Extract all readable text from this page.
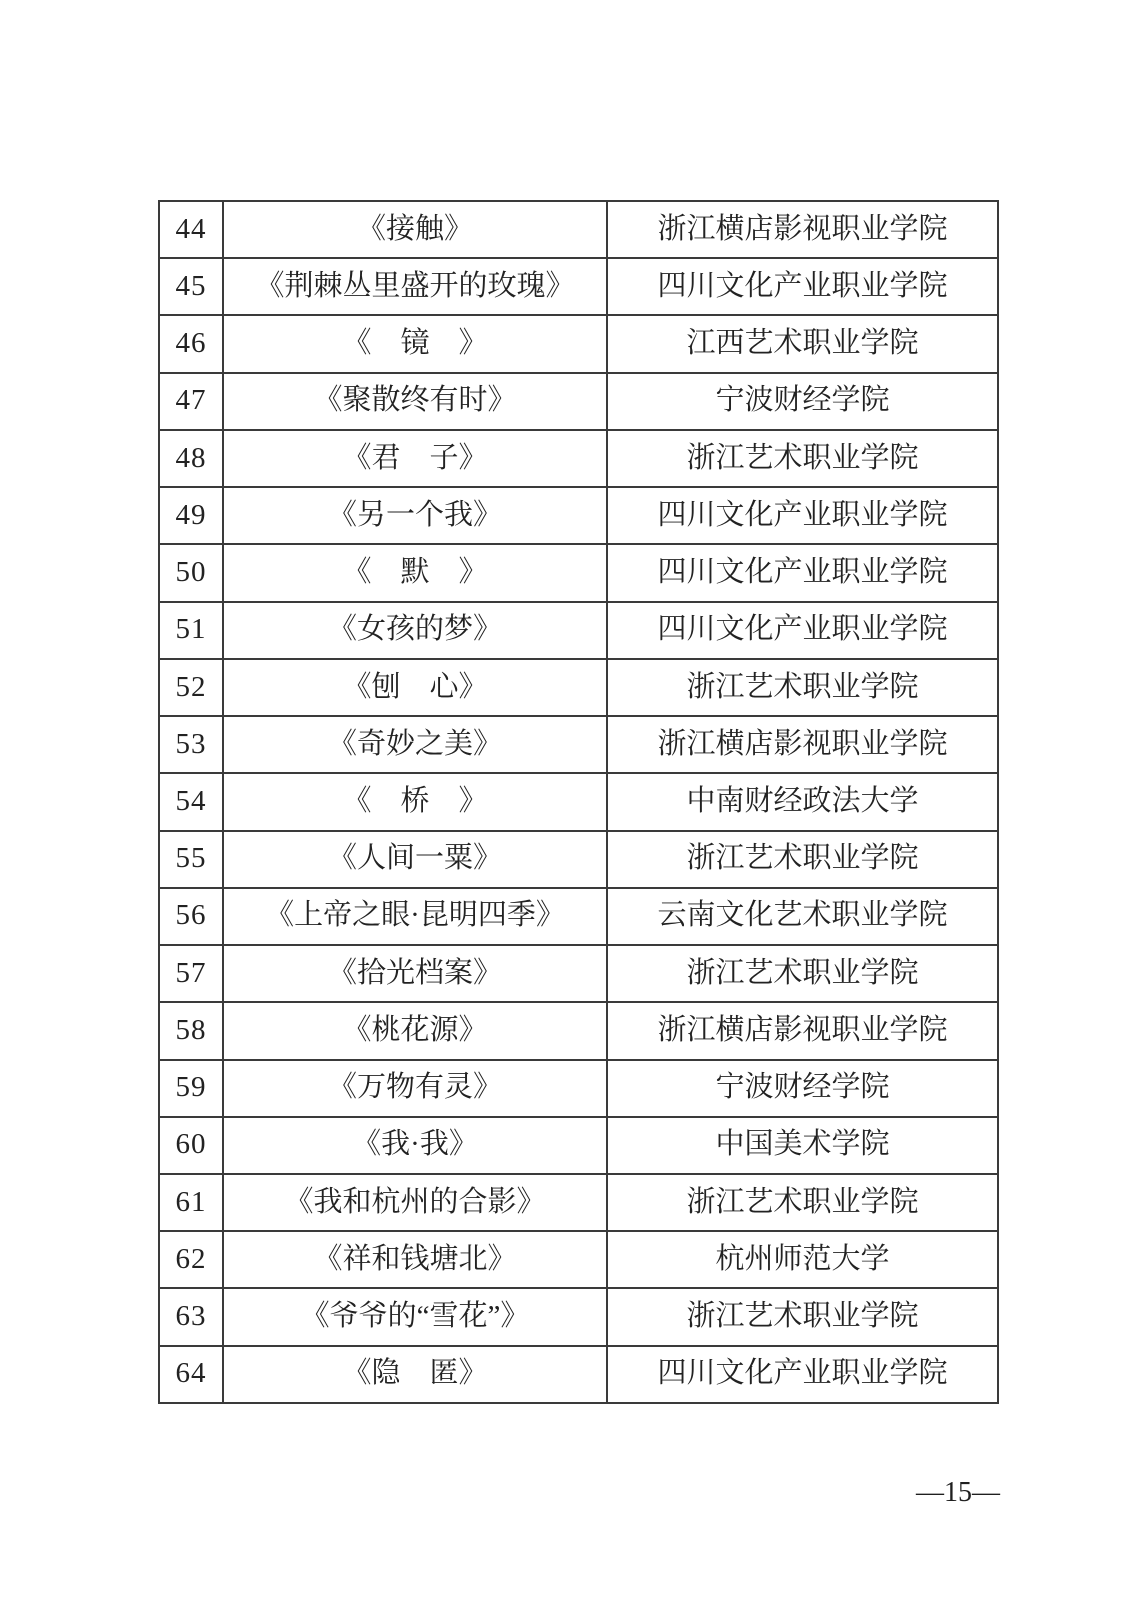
44	《接触》	浙江横店影视职业学院
45	《荆棘丛里盛开的玫瑰》	四川文化产业职业学院
46	《　镜　》	江西艺术职业学院
47	《聚散终有时》	宁波财经学院
48	《君　子》	浙江艺术职业学院
49	《另一个我》	四川文化产业职业学院
50	《　默　》	四川文化产业职业学院
51	《女孩的梦》	四川文化产业职业学院
52	《刨　心》	浙江艺术职业学院
53	《奇妙之美》	浙江横店影视职业学院
54	《　桥　》	中南财经政法大学
55	《人间一粟》	浙江艺术职业学院
56	《上帝之眼·昆明四季》	云南文化艺术职业学院
57	《拾光档案》	浙江艺术职业学院
58	《桃花源》	浙江横店影视职业学院
59	《万物有灵》	宁波财经学院
60	《我·我》	中国美术学院
61	《我和杭州的合影》	浙江艺术职业学院
62	《祥和钱塘北》	杭州师范大学
63	《爷爷的“雪花”》	浙江艺术职业学院
64	《隐　匿》	四川文化产业职业学院
—15—
